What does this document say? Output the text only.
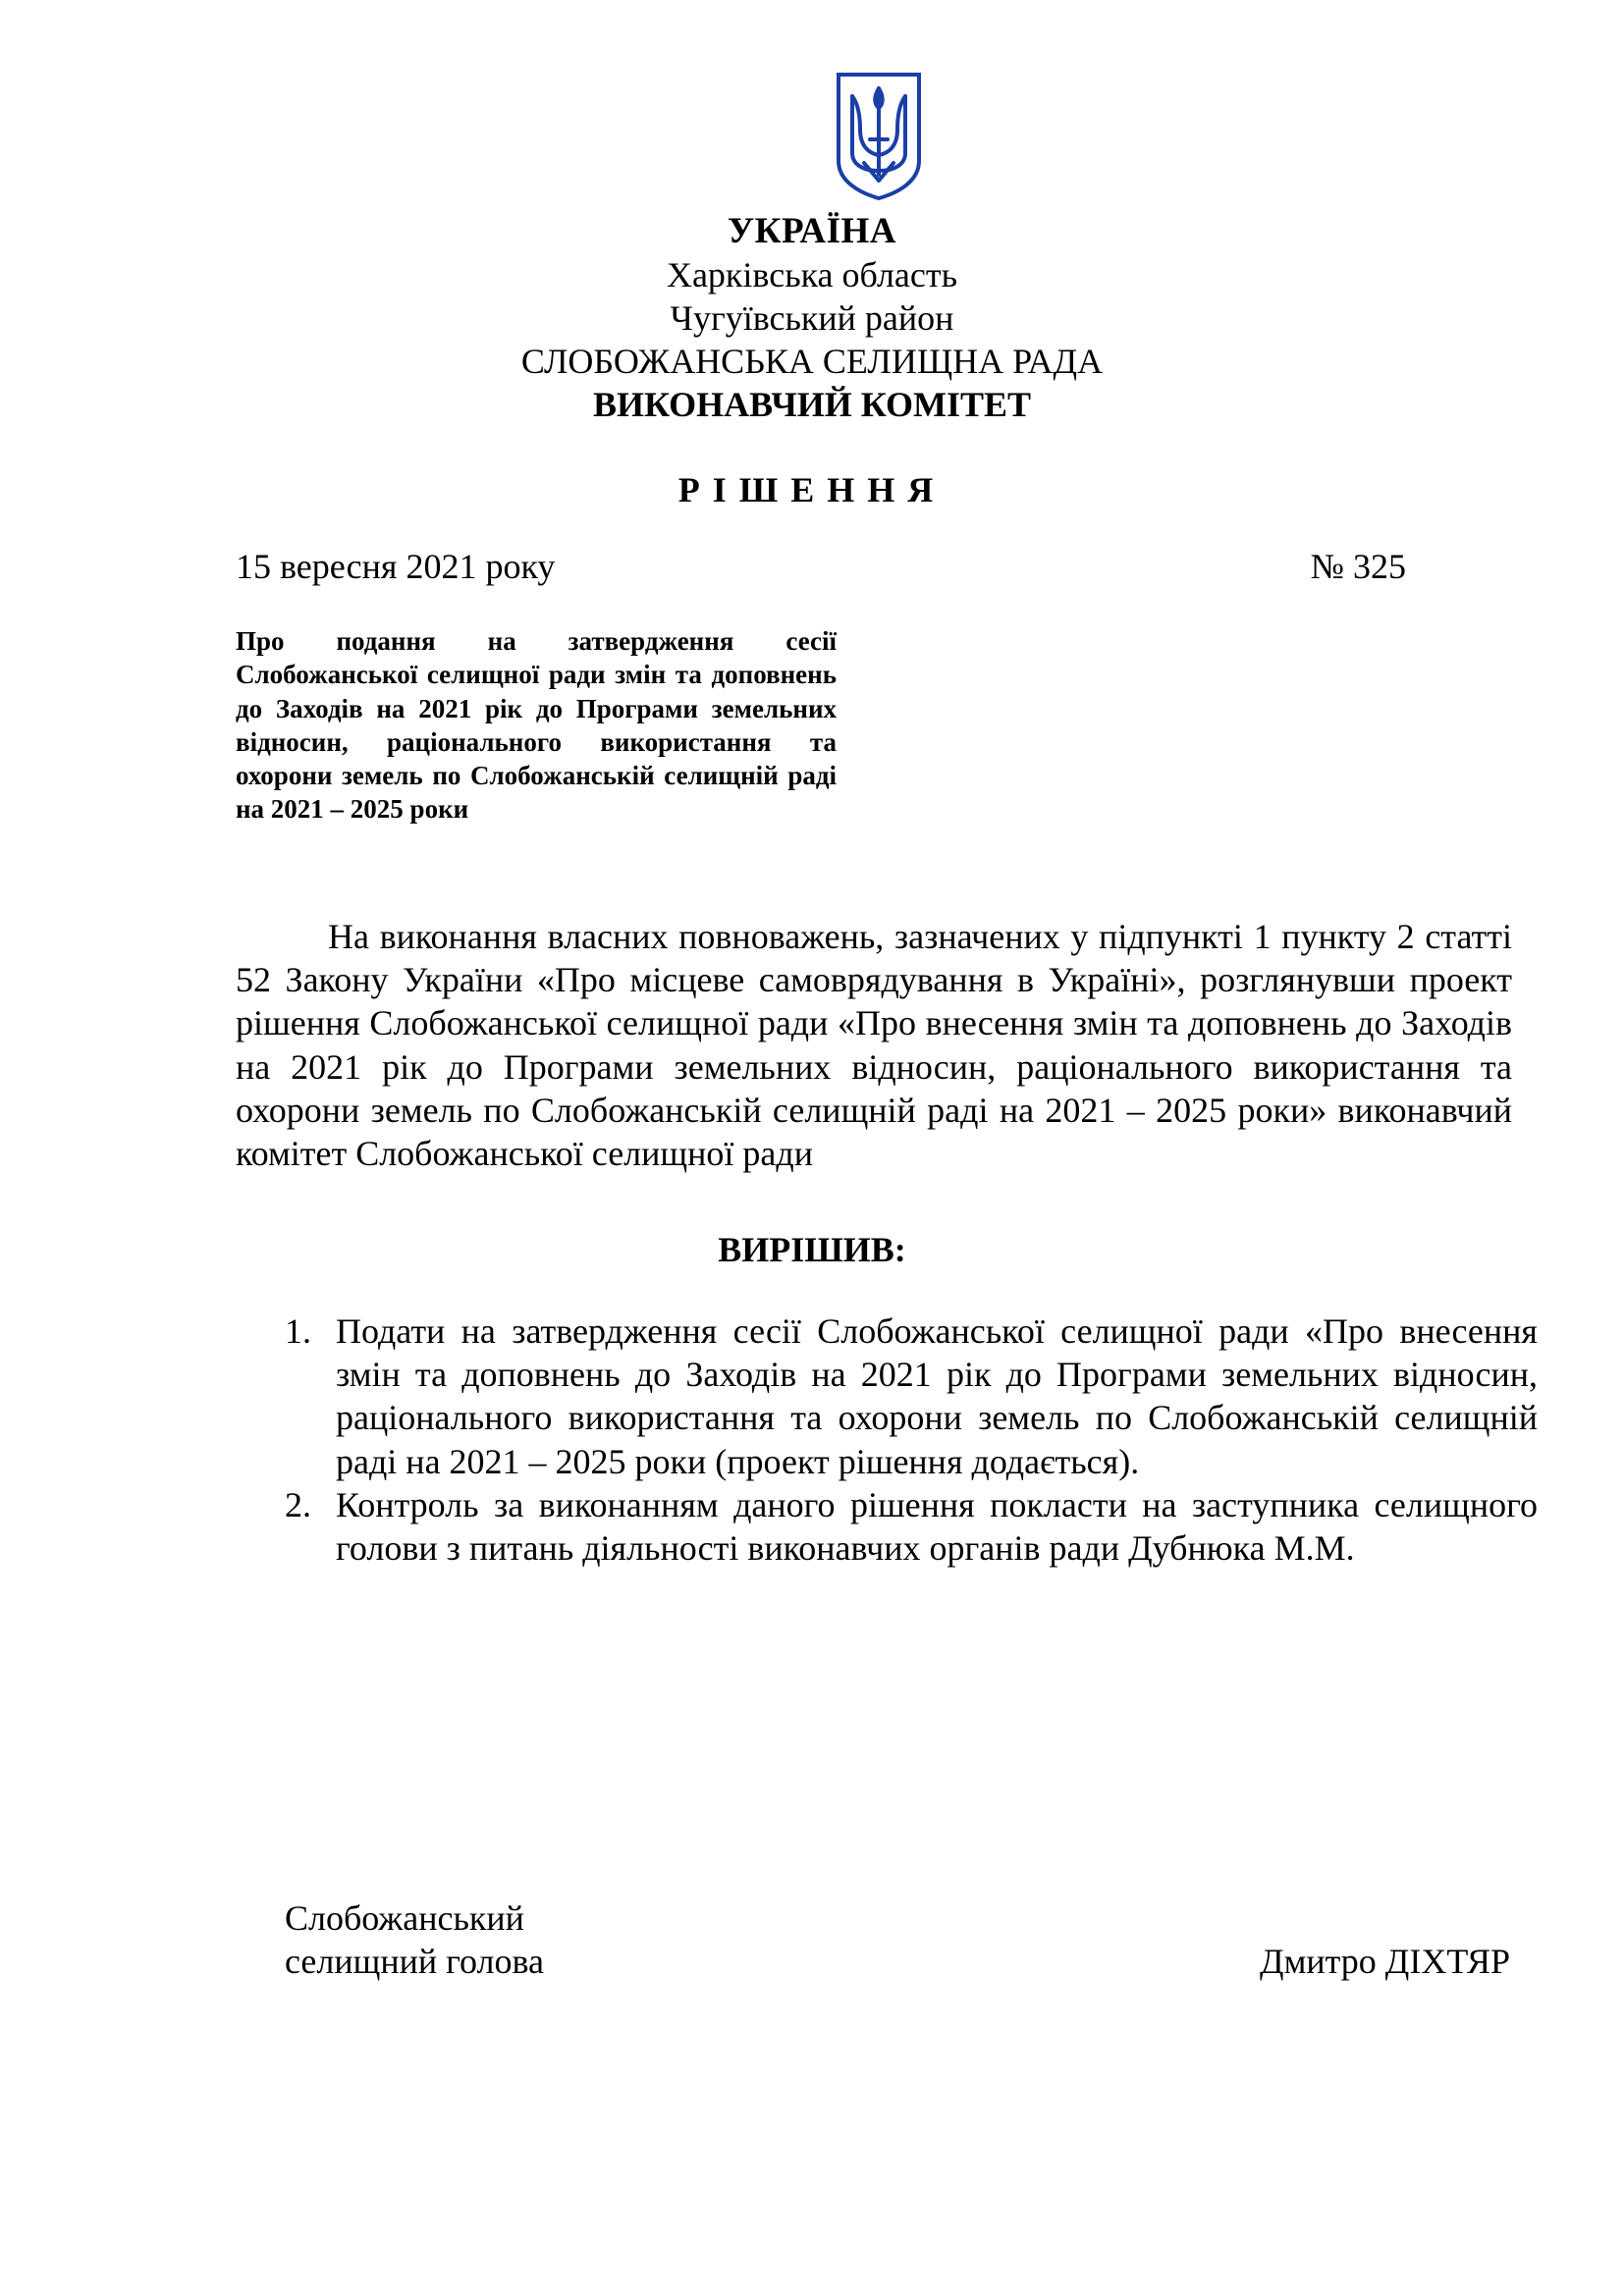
УКРАЇНА
Харківська область
Чугуївський район
СЛОБОЖАНСЬКА СЕЛИЩНА РАДА
ВИКОНАВЧИЙ КОМІТЕТ
РІШЕННЯ
15 вересня 2021 року	№ 325
Про подання на затвердження сесії Слобожанської селищної ради змін та доповнень до Заходів на 2021 рік до Програми земельних відносин, раціонального використання та охорони земель по Слобожанській селищній раді на 2021 – 2025 роки

На виконання власних повноважень, зазначених у підпункті 1 пункту 2 статті 52 Закону України «Про місцеве самоврядування в Україні», розглянувши проект рішення Слобожанської селищної ради «Про внесення змін та доповнень до Заходів на 2021 рік до Програми земельних відносин, раціонального використання та охорони земель по Слобожанській селищній раді на 2021 – 2025 роки» виконавчий комітет Слобожанської селищної ради

ВИРІШИВ:
1. Подати на затвердження сесії Слобожанської селищної ради «Про внесення змін та доповнень до Заходів на 2021 рік до Програми земельних відносин, раціонального використання та охорони земель по Слобожанській селищній раді на 2021 – 2025 роки (проект рішення додається).
2. Контроль за виконанням даного рішення покласти на заступника селищного голови з питань діяльності виконавчих органів ради Дубнюка М.М.
Слобожанський
селищний голова	Дмитро ДІХТЯР
